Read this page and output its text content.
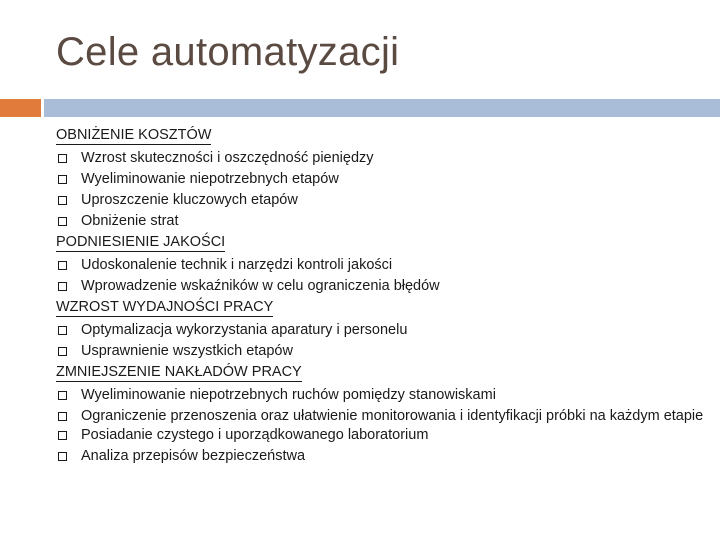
Cele automatyzacji
OBNIŻENIE KOSZTÓW
Wzrost skuteczności i oszczędność pieniędzy
Wyeliminowanie niepotrzebnych etapów
Uproszczenie kluczowych etapów
Obniżenie strat
PODNIESIENIE JAKOŚCI
Udoskonalenie technik i narzędzi kontroli jakości
Wprowadzenie wskaźników w celu ograniczenia błędów
WZROST WYDAJNOŚCI PRACY
Optymalizacja wykorzystania aparatury i personelu
Usprawnienie wszystkich etapów
ZMNIEJSZENIE NAKŁADÓW PRACY
Wyeliminowanie niepotrzebnych ruchów pomiędzy stanowiskami
Ograniczenie przenoszenia oraz ułatwienie monitorowania i identyfikacji próbki na każdym etapie
Posiadanie czystego i uporządkowanego laboratorium
Analiza przepisów bezpieczeństwa
